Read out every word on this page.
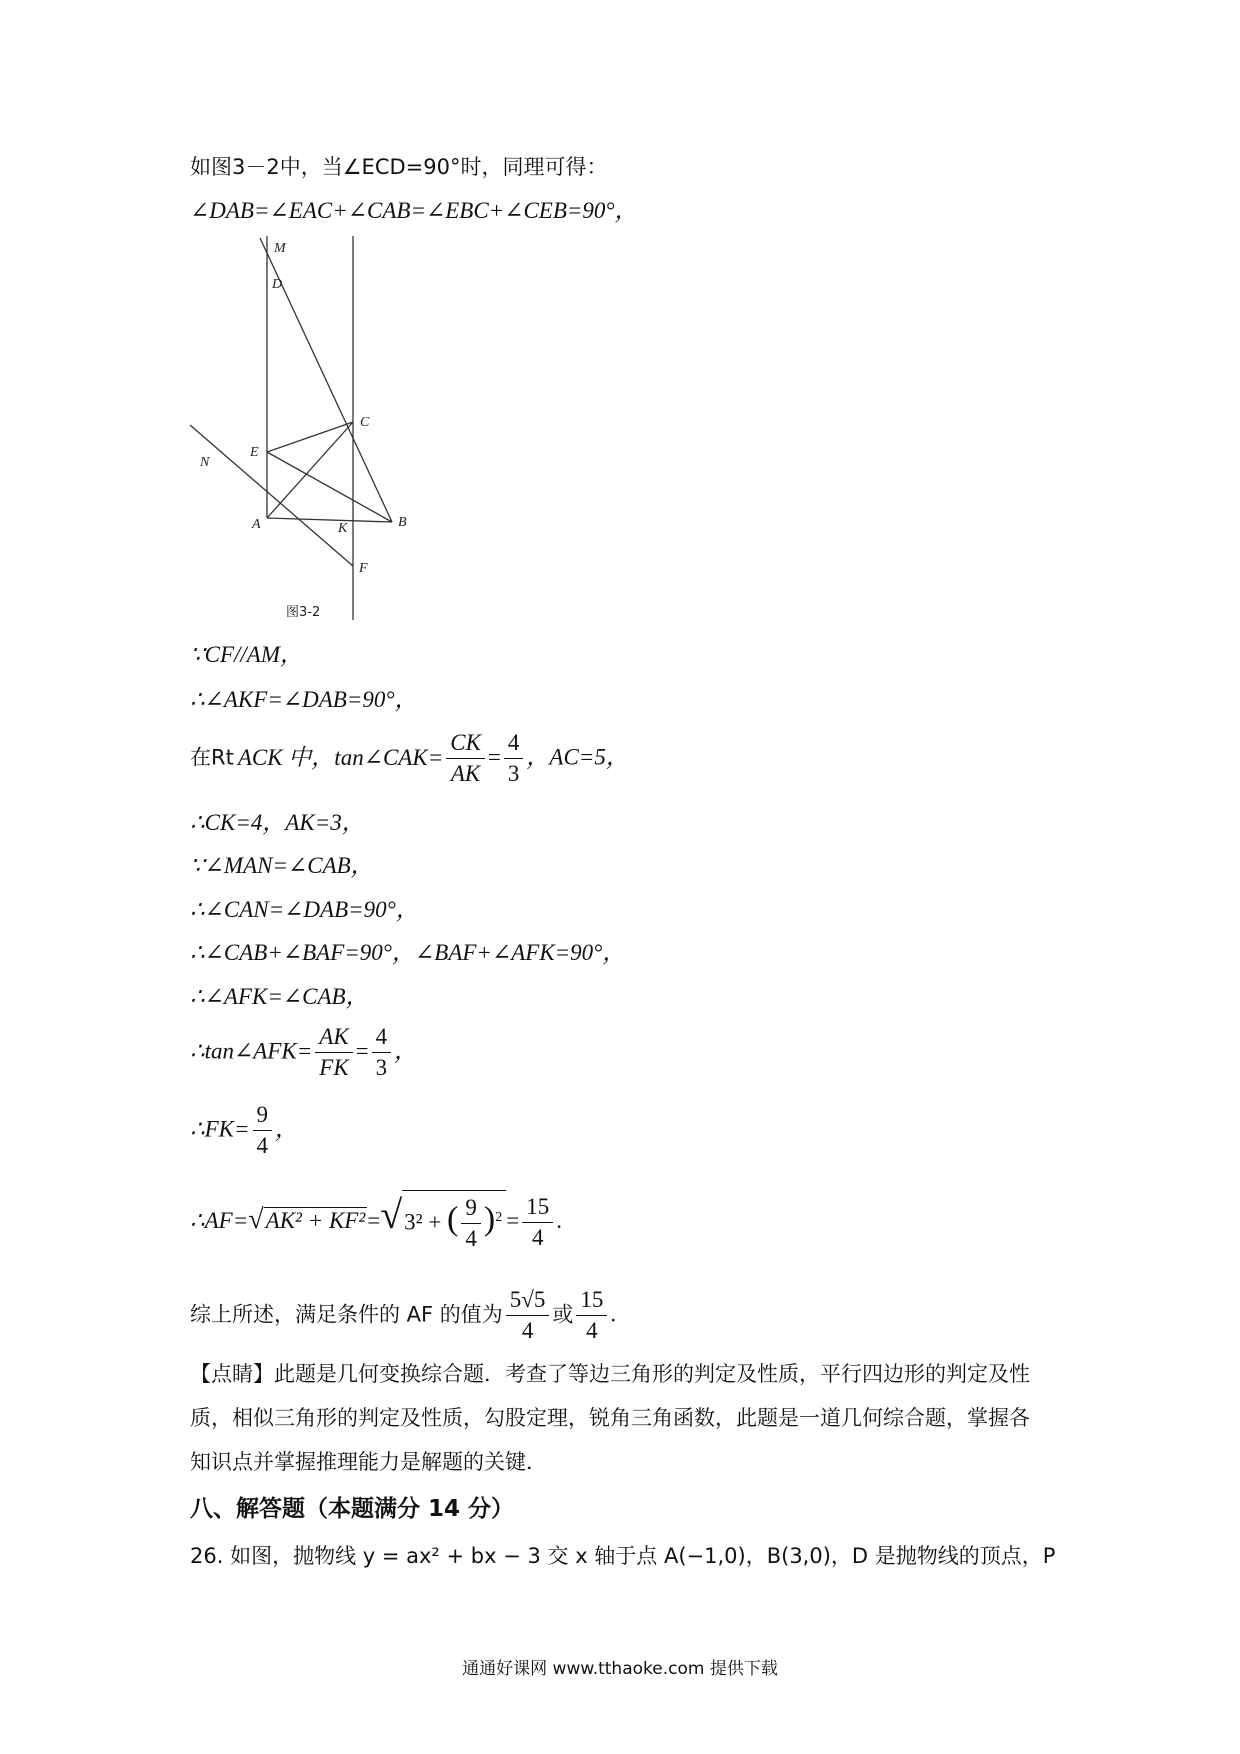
如图3－2中，当∠ECD=90°时，同理可得：
∠DAB=∠EAC+∠CAB=∠EBC+∠CEB=90°，
M
D
C
E
N
A	K	B
F
图3-2
∵CF//AM，
∴∠AKF=∠DAB=90°，
在Rt ACK 中，tan∠CAK= $\frac{CK}{AK} = \frac{4}{3}$ ，AC=5，
∴CK=4，AK=3，
∵∠MAN=∠CAB，
∴∠CAN=∠DAB=90°，
∴∠CAB+∠BAF=90°，∠BAF+∠AFK=90°，
∴∠AFK=∠CAB，
∴tan∠AFK= $\frac{AK}{FK} = \frac{4}{3}$ ，
∴FK= $\frac{9}{4}$ ，
∴AF=√AK² + KF²=√3² + ( $\frac{9}{4} )^2 = \frac{15}{4}$ .
综上所述，满足条件的 AF 的值为 $\frac{5√5}{4}$ 或 $\frac{15}{4}$ .
【点睛】此题是几何变换综合题．考查了等边三角形的判定及性质，平行四边形的判定及性
质，相似三角形的判定及性质，勾股定理，锐角三角函数，此题是一道几何综合题，掌握各
知识点并掌握推理能力是解题的关键．
八、解答题（本题满分 14 分）
26. 如图，抛物线 y = ax² + bx − 3 交 x 轴于点 A(−1,0)，B(3,0)，D 是抛物线的顶点，P
通通好课网 www.tthaoke.com 提供下载
